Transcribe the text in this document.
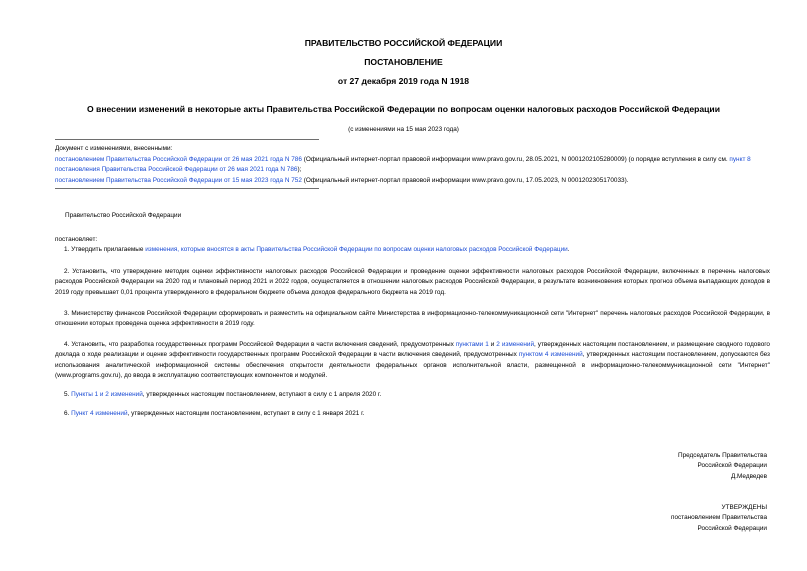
ПРАВИТЕЛЬСТВО РОССИЙСКОЙ ФЕДЕРАЦИИ
ПОСТАНОВЛЕНИЕ
от 27 декабря 2019 года N 1918
О внесении изменений в некоторые акты Правительства Российской Федерации по вопросам оценки налоговых расходов Российской Федерации
(с изменениями на 15 мая 2023 года)
Документ с изменениями, внесенными:
постановлением Правительства Российской Федерации от 26 мая 2021 года N 786 (Официальный интернет-портал правовой информации www.pravo.gov.ru, 28.05.2021, N 0001202105280009) (о порядке вступления в силу см. пункт 8 постановления Правительства Российской Федерации от 26 мая 2021 года N 786);
постановлением Правительства Российской Федерации от 15 мая 2023 года N 752 (Официальный интернет-портал правовой информации www.pravo.gov.ru, 17.05.2023, N 0001202305170033).
Правительство Российской Федерации
постановляет:
1. Утвердить прилагаемые изменения, которые вносятся в акты Правительства Российской Федерации по вопросам оценки налоговых расходов Российской Федерации.
2. Установить, что утверждение методик оценки эффективности налоговых расходов Российской Федерации и проведение оценки эффективности налоговых расходов Российской Федерации, включенных в перечень налоговых расходов Российской Федерации на 2020 год и плановый период 2021 и 2022 годов, осуществляется в отношении налоговых расходов Российской Федерации, в результате возникновения которых прогноз объема выпадающих доходов в 2019 году превышает 0,01 процента утвержденного в федеральном бюджете объема доходов федерального бюджета на 2019 год.
3. Министерству финансов Российской Федерации сформировать и разместить на официальном сайте Министерства в информационно-телекоммуникационной сети "Интернет" перечень налоговых расходов Российской Федерации, в отношении которых проведена оценка эффективности в 2019 году.
4. Установить, что разработка государственных программ Российской Федерации в части включения сведений, предусмотренных пунктами 1 и 2 изменений, утвержденных настоящим постановлением, и размещение сводного годового доклада о ходе реализации и оценке эффективности государственных программ Российской Федерации в части включения сведений, предусмотренных пунктом 4 изменений, утвержденных настоящим постановлением, допускаются без использования аналитической информационной системы обеспечения открытости деятельности федеральных органов исполнительной власти, размещенной в информационно-телекоммуникационной сети "Интернет" (www.programs.gov.ru), до ввода в эксплуатацию соответствующих компонентов и модулей.
5. Пункты 1 и 2 изменений, утвержденных настоящим постановлением, вступают в силу с 1 апреля 2020 г.
6. Пункт 4 изменений, утвержденных настоящим постановлением, вступает в силу с 1 января 2021 г.
Председатель Правительства
Российской Федерации
Д.Медведев
УТВЕРЖДЕНЫ
постановлением Правительства
Российской Федерации
